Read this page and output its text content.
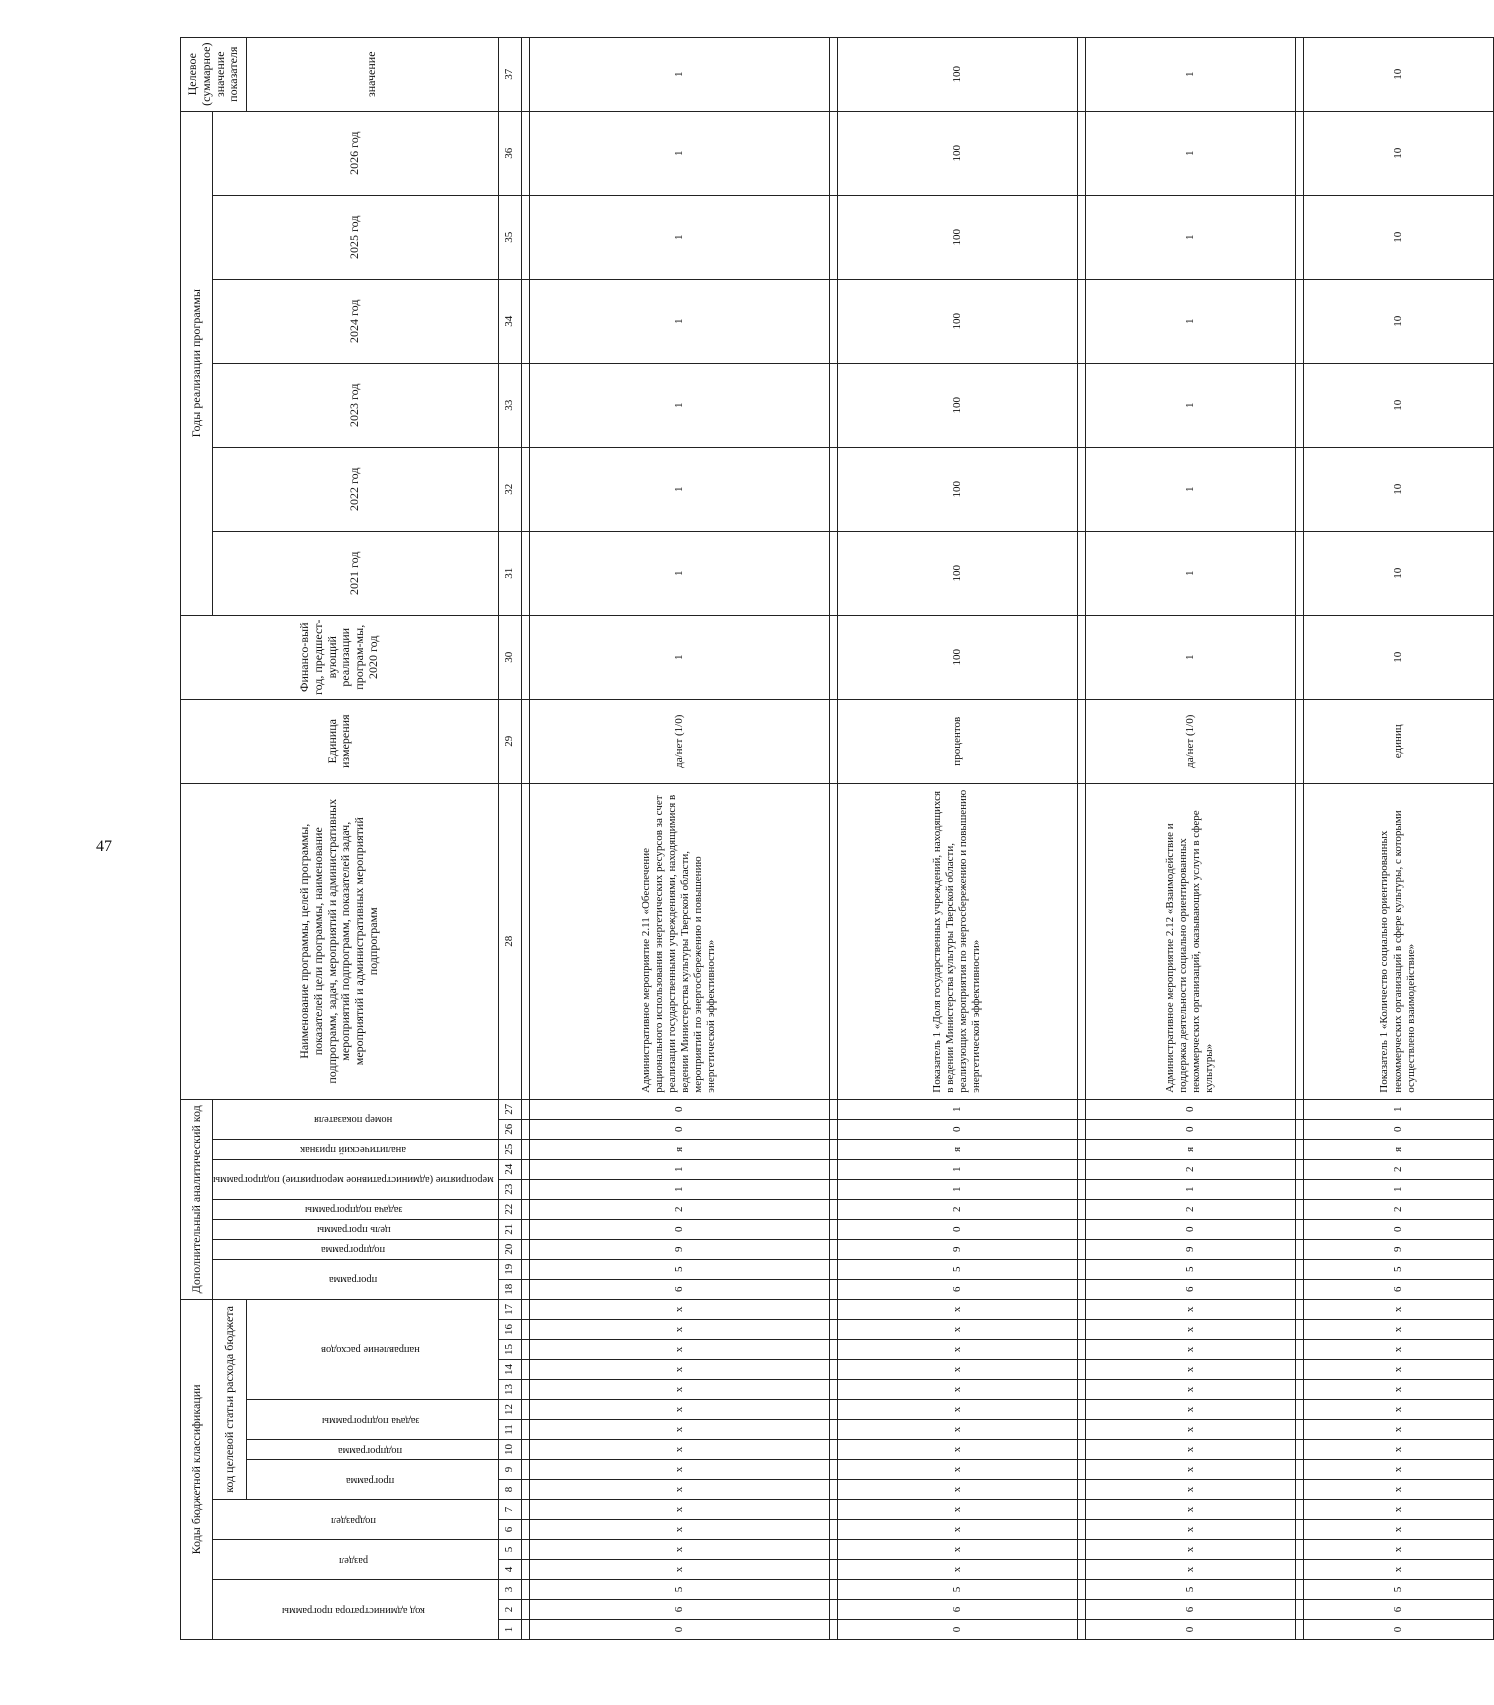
47
Коды бюджетной классификации																	Дополнительный аналитический код										Наименование программы, целей программы, показателей цели программы, наименование подпрограмм, задач, мероприятий и административных мероприятий подпрограмм, показателей задач, мероприятий и административных мероприятий подпрограмм	Единица измерения	Финансо-вый год, предшест-вующий реализации програм-мы, 2020 год	Годы реализации программы						Целевое (суммарное) значение показателя
код администратора программы			раздел		подраздел		код целевой статьи расхода бюджета										программа		подпрограмма	цель программы	задача подпрограммы	мероприятие (административное мероприятие) подпрограммы		аналитический признак	номер показателя					2021 год	2022 год	2023 год	2024 год	2025 год	2026 год	
							программа		подпрограмма	задача подпрограммы		направление расходов																								значение

1	2	3	4	5	6	7	8	9	10	11	12	13	14	15	16	17	18	19	20	21	22	23	24	25	26	27	28	29	30	31	32	33	34	35	36	37

0	6	5	x	x	x	x	x	x	x	x	x	x	x	x	x	x	6	5	9	0	2	1	1	я	0	0	Административное мероприятие 2.11 «Обеспечение рационального использования энергетических ресурсов за счет реализации государственными учреждениями, находящимися в ведении Министерства культуры Тверской области, мероприятий по энергосбережению и повышению энергетической эффективности»	да/нет (1/0)	1	1	1	1	1	1	1	1

0	6	5	x	x	x	x	x	x	x	x	x	x	x	x	x	x	6	5	9	0	2	1	1	я	0	1	Показатель 1 «Доля государственных учреждений, находящихся в ведении Министерства культуры Тверской области, реализующих мероприятия по энергосбережению и повышению энергетической эффективности»	процентов	100	100	100	100	100	100	100	100

0	6	5	x	x	x	x	x	x	x	x	x	x	x	x	x	x	6	5	9	0	2	1	2	я	0	0	Административное мероприятие 2.12 «Взаимодействие и поддержка деятельности социально ориентированных некоммерческих организаций, оказывающих услуги в сфере культуры»	да/нет (1/0)	1	1	1	1	1	1	1	1

0	6	5	x	x	x	x	x	x	x	x	x	x	x	x	x	x	6	5	9	0	2	1	2	я	0	1	Показатель 1 «Количество социально ориентированных некоммерческих организаций в сфере культуры, с которыми осуществлено взаимодействие»	единиц	10	10	10	10	10	10	10	10
